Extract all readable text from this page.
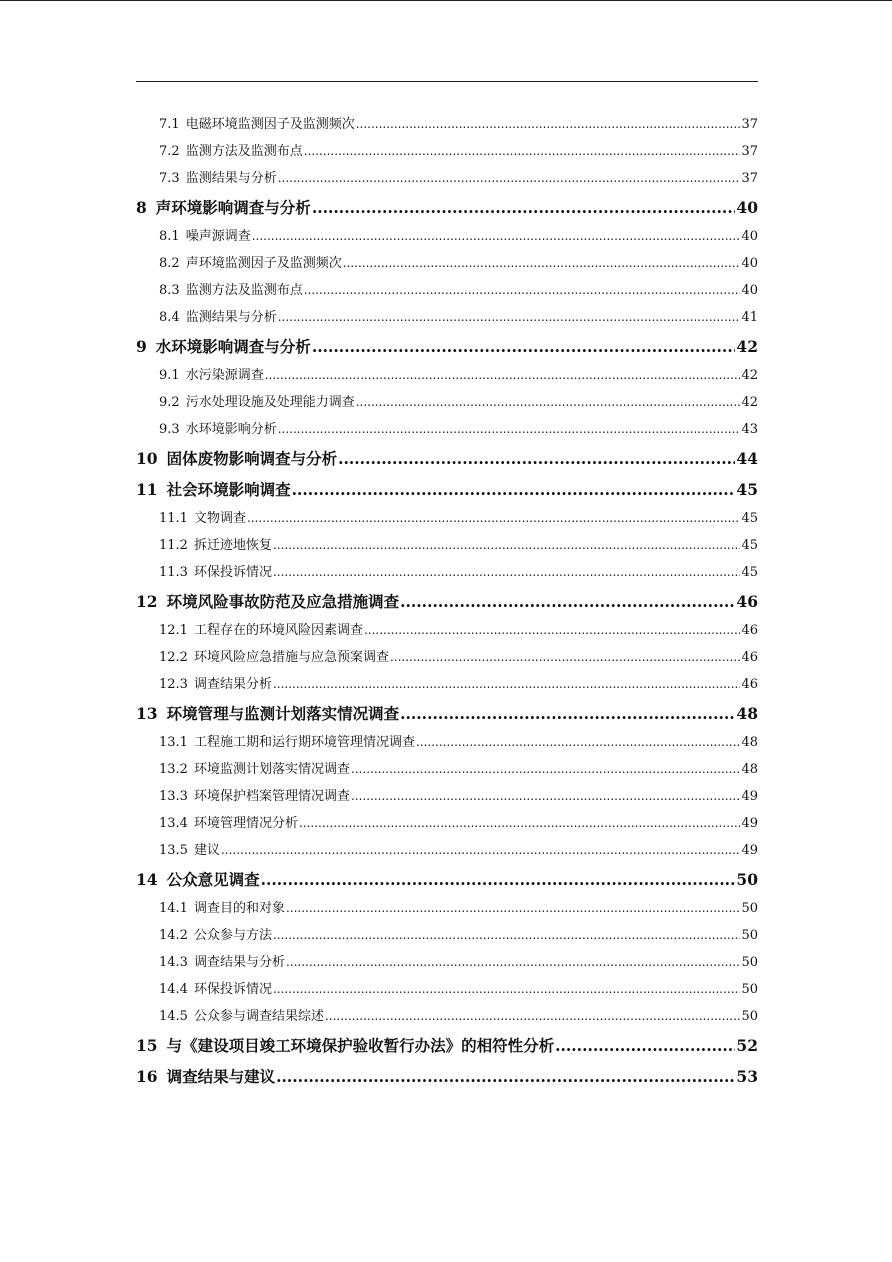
7.1 电磁环境监测因子及监测频次 .....	37
7.2 监测方法及监测布点 .....	37
7.3 监测结果与分析 .....	37
8 声环境影响调查与分析 .....	40
8.1 噪声源调查 .....	40
8.2 声环境监测因子及监测频次 .....	40
8.3 监测方法及监测布点 .....	40
8.4 监测结果与分析 .....	41
9 水环境影响调查与分析 .....	42
9.1 水污染源调查 .....	42
9.2 污水处理设施及处理能力调查 .....	42
9.3 水环境影响分析 .....	43
10 固体废物影响调查与分析 .....	44
11 社会环境影响调查 .....	45
11.1 文物调查 .....	45
11.2 拆迁迹地恢复 .....	45
11.3 环保投诉情况 .....	45
12 环境风险事故防范及应急措施调查 .....	46
12.1 工程存在的环境风险因素调查 .....	46
12.2 环境风险应急措施与应急预案调查 .....	46
12.3 调查结果分析 .....	46
13 环境管理与监测计划落实情况调查 .....	48
13.1 工程施工期和运行期环境管理情况调查 .....	48
13.2 环境监测计划落实情况调查 .....	48
13.3 环境保护档案管理情况调查 .....	49
13.4 环境管理情况分析 .....	49
13.5 建议 .....	49
14 公众意见调查 .....	50
14.1 调查目的和对象 .....	50
14.2 公众参与方法 .....	50
14.3 调查结果与分析 .....	50
14.4 环保投诉情况 .....	50
14.5 公众参与调查结果综述 .....	50
15 与《建设项目竣工环境保护验收暂行办法》的相符性分析 .....	52
16 调查结果与建议 .....	53
